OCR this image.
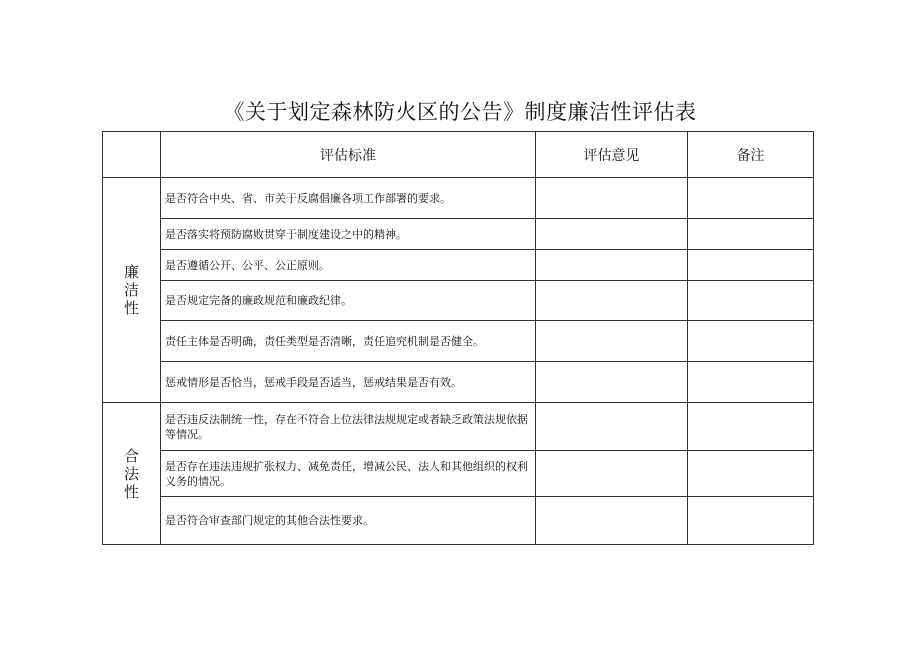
《关于划定森林防火区的公告》制度廉洁性评估表
	评估标准	评估意见	备注
廉洁性	是否符合中央、省、市关于反腐倡廉各项工作部署的要求。		
	是否落实将预防腐败贯穿于制度建设之中的精神。		
	是否遵循公开、公平、公正原则。		
	是否规定完备的廉政规范和廉政纪律。		
	责任主体是否明确，责任类型是否清晰，责任追究机制是否健全。		
	惩戒情形是否恰当，惩戒手段是否适当，惩戒结果是否有效。		
合法性	是否违反法制统一性，存在不符合上位法律法规规定或者缺乏政策法规依据等情况。		
	是否存在违法违规扩张权力、减免责任，增减公民、法人和其他组织的权利义务的情况。		
	是否符合审查部门规定的其他合法性要求。		
